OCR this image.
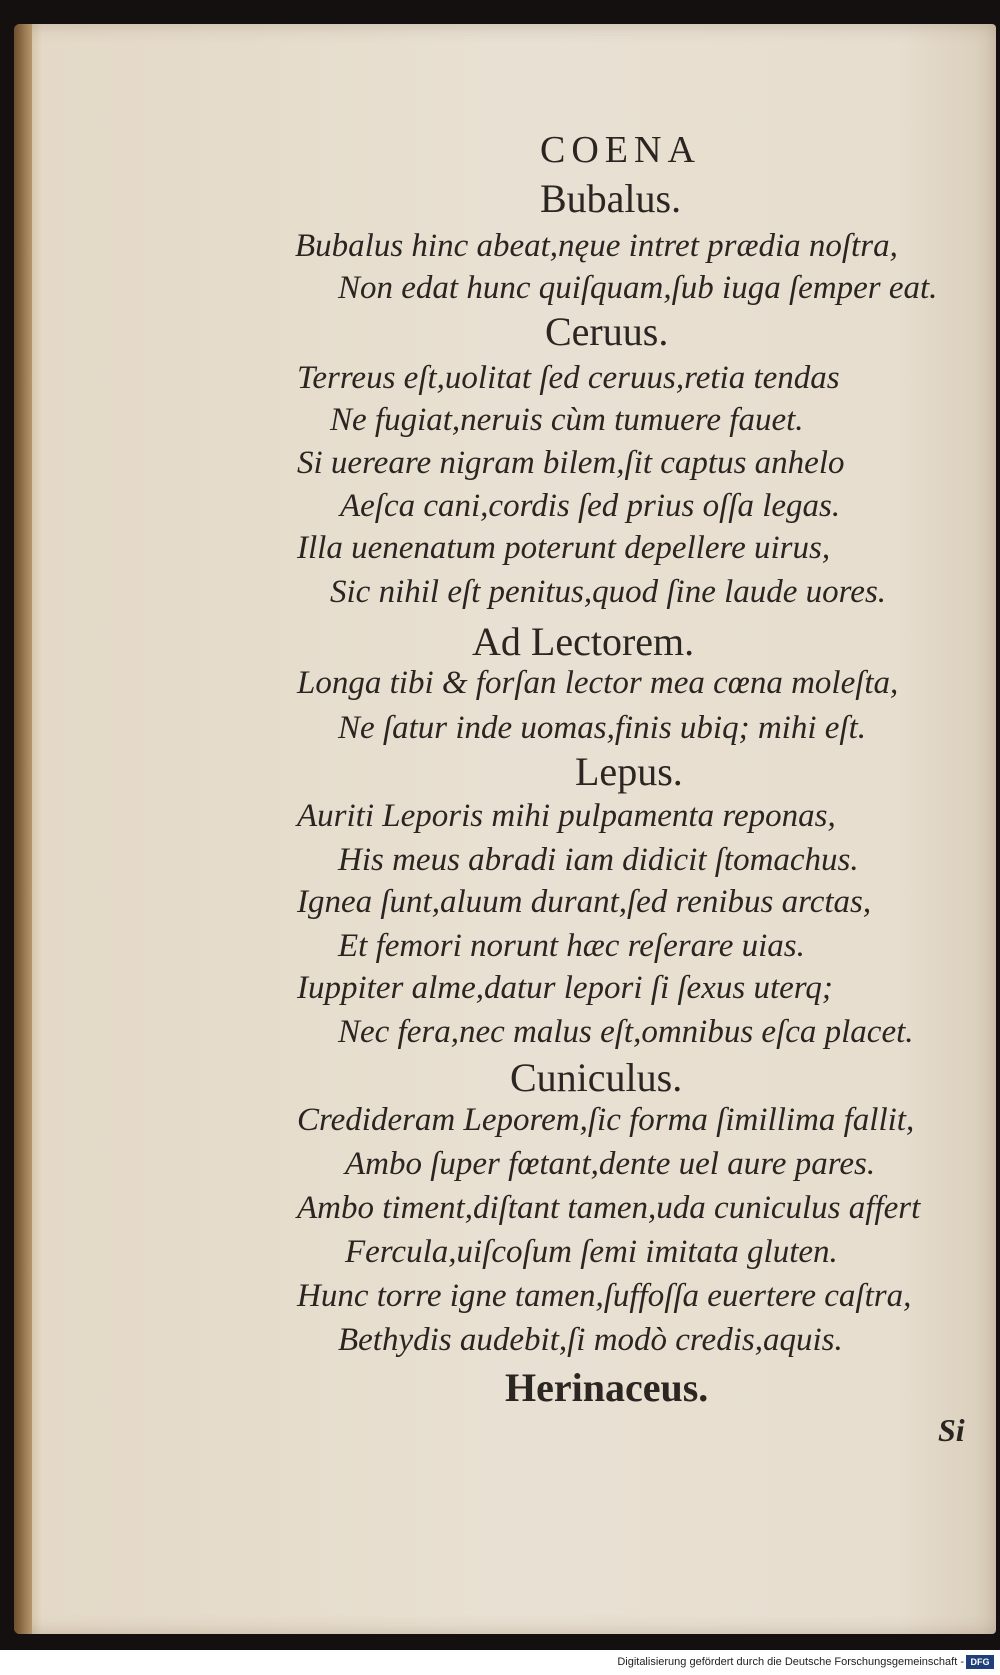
COENA
Bubalus.
Bubalus hinc abeat,nęue intret prædia noſtra,
Non edat hunc quiſquam,ſub iuga ſemper eat.
Ceruus.
Terreus eſt,uolitat ſed ceruus,retia tendas
Ne fugiat,neruis cùm tumuere fauet.
Si uereare nigram bilem,ſit captus anhelo
Aeſca cani,cordis ſed prius oſſa legas.
Illa uenenatum poterunt depellere uirus,
Sic nihil eſt penitus,quod ſine laude uores.
Ad Lectorem.
Longa tibi & forſan lector mea cœna moleſta,
Ne ſatur inde uomas,finis ubiq; mihi eſt.
Lepus.
Auriti Leporis mihi pulpamenta reponas,
His meus abradi iam didicit ſtomachus.
Ignea ſunt,aluum durant,ſed renibus arctas,
Et femori norunt hæc reſerare uias.
Iuppiter alme,datur lepori ſi ſexus uterq;
Nec fera,nec malus eſt,omnibus eſca placet.
Cuniculus.
Credideram Leporem,ſic forma ſimillima fallit,
Ambo ſuper fœtant,dente uel aure pares.
Ambo timent,diſtant tamen,uda cuniculus affert
Fercula,uiſcoſum ſemi imitata gluten.
Hunc torre igne tamen,ſuffoſſa euertere caſtra,
Bethydis audebit,ſi modò credis,aquis.
Herinaceus.
Si
Digitalisierung gefördert durch die Deutsche Forschungsgemeinschaft - DFG
